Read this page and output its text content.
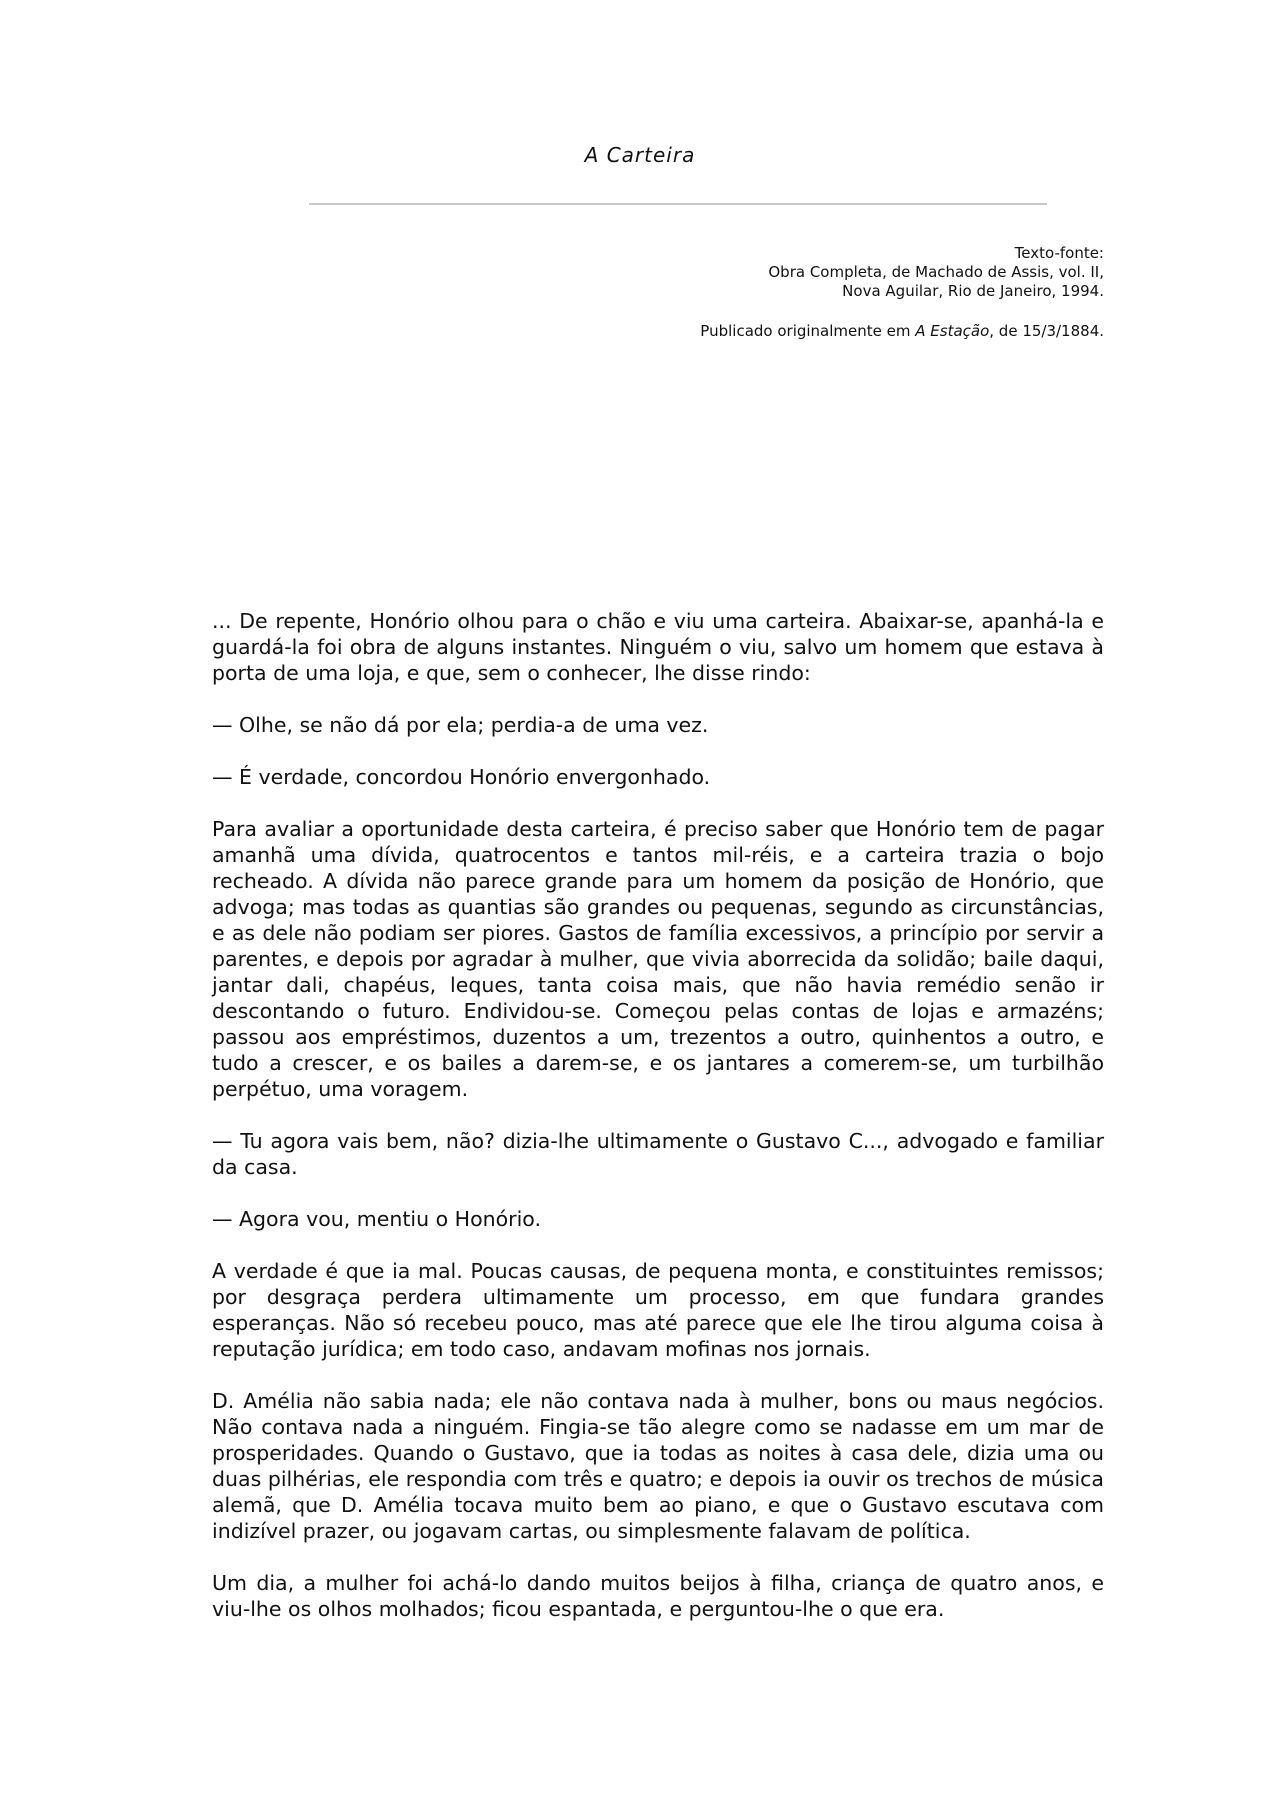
A Carteira
Texto-fonte:
Obra Completa, de Machado de Assis, vol. II,
Nova Aguilar, Rio de Janeiro, 1994.
Publicado originalmente em A Estação, de 15/3/1884.

... De repente, Honório olhou para o chão e viu uma carteira. Abaixar-se, apanhá-la e guardá-la foi obra de alguns instantes. Ninguém o viu, salvo um homem que estava à porta de uma loja, e que, sem o conhecer, lhe disse rindo:

— Olhe, se não dá por ela; perdia-a de uma vez.

— É verdade, concordou Honório envergonhado.

Para avaliar a oportunidade desta carteira, é preciso saber que Honório tem de pagar amanhã uma dívida, quatrocentos e tantos mil-réis, e a carteira trazia o bojo recheado. A dívida não parece grande para um homem da posição de Honório, que advoga; mas todas as quantias são grandes ou pequenas, segundo as circunstâncias, e as dele não podiam ser piores. Gastos de família excessivos, a princípio por servir a parentes, e depois por agradar à mulher, que vivia aborrecida da solidão; baile daqui, jantar dali, chapéus, leques, tanta coisa mais, que não havia remédio senão ir descontando o futuro. Endividou-se. Começou pelas contas de lojas e armazéns; passou aos empréstimos, duzentos a um, trezentos a outro, quinhentos a outro, e tudo a crescer, e os bailes a darem-se, e os jantares a comerem-se, um turbilhão perpétuo, uma voragem.

— Tu agora vais bem, não? dizia-lhe ultimamente o Gustavo C..., advogado e familiar da casa.

— Agora vou, mentiu o Honório.

A verdade é que ia mal. Poucas causas, de pequena monta, e constituintes remissos; por desgraça perdera ultimamente um processo, em que fundara grandes esperanças. Não só recebeu pouco, mas até parece que ele lhe tirou alguma coisa à reputação jurídica; em todo caso, andavam mofinas nos jornais.

D. Amélia não sabia nada; ele não contava nada à mulher, bons ou maus negócios. Não contava nada a ninguém. Fingia-se tão alegre como se nadasse em um mar de prosperidades. Quando o Gustavo, que ia todas as noites à casa dele, dizia uma ou duas pilhérias, ele respondia com três e quatro; e depois ia ouvir os trechos de música alemã, que D. Amélia tocava muito bem ao piano, e que o Gustavo escutava com indizível prazer, ou jogavam cartas, ou simplesmente falavam de política.

Um dia, a mulher foi achá-lo dando muitos beijos à filha, criança de quatro anos, e viu-lhe os olhos molhados; ficou espantada, e perguntou-lhe o que era.
